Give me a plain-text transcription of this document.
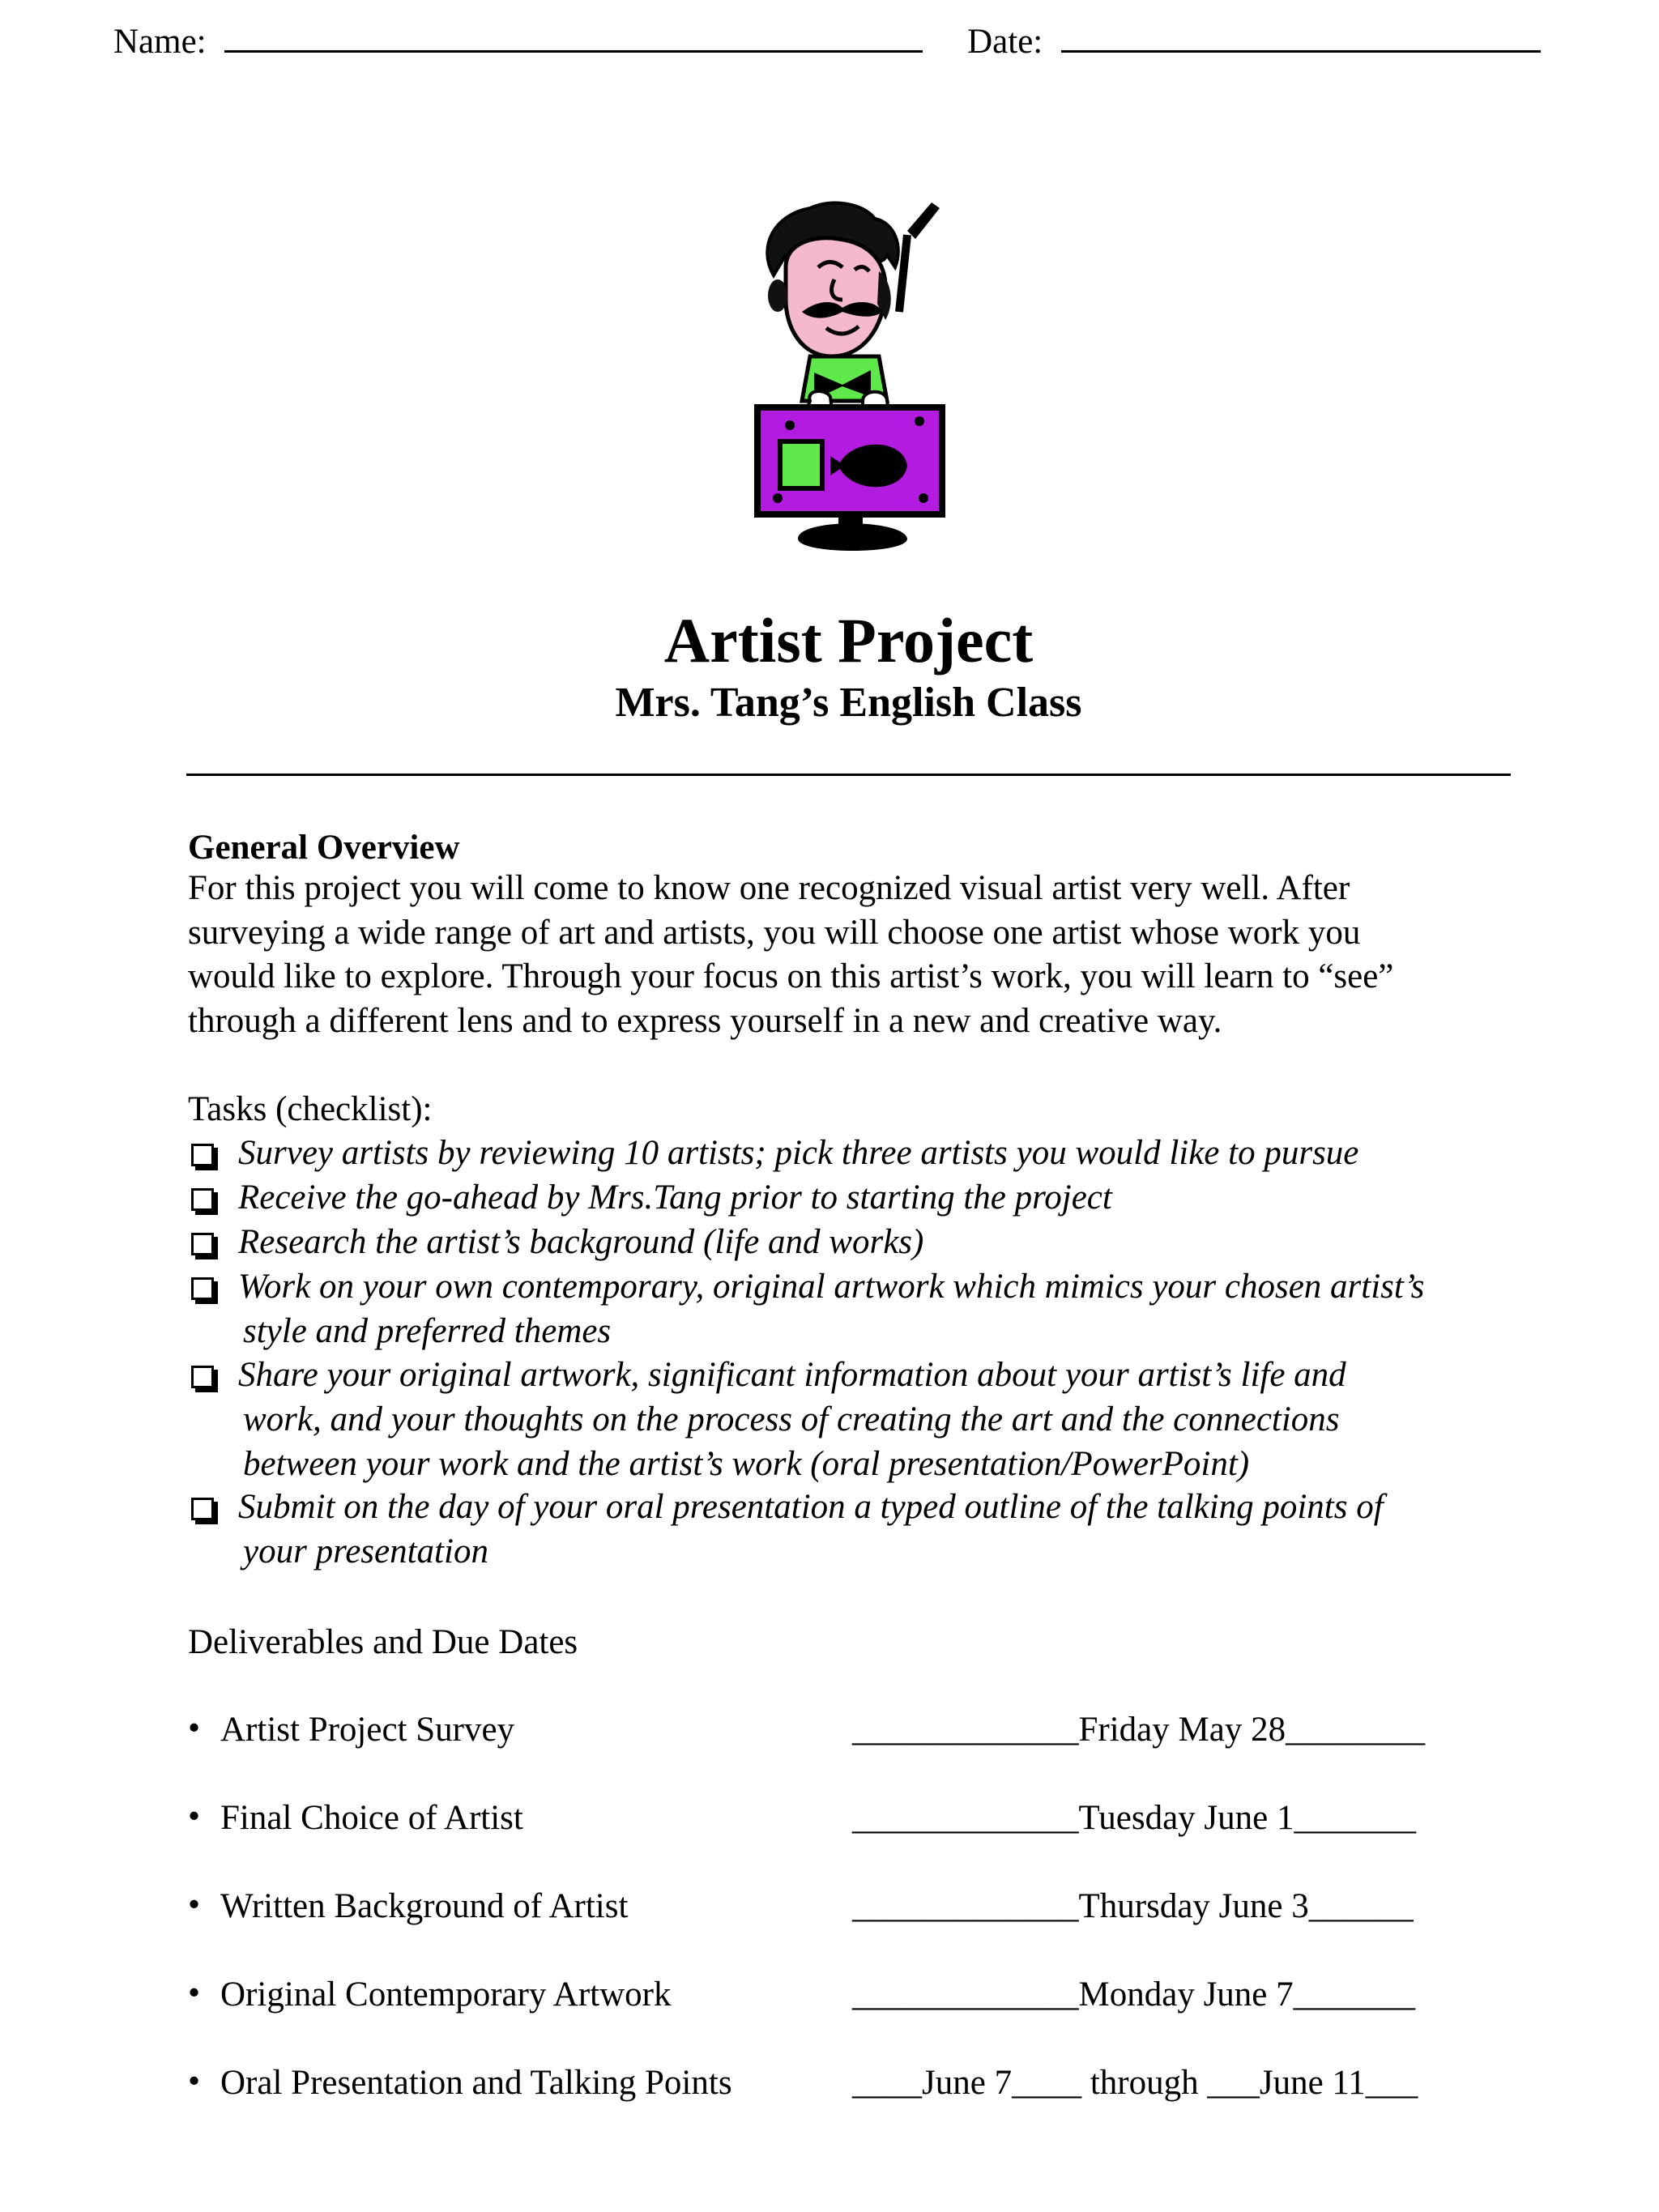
Name:	Date:
Artist Project
Mrs. Tang’s English Class
General Overview
For this project you will come to know one recognized visual artist very well. After
surveying a wide range of art and artists, you will choose one artist whose work you
would like to explore. Through your focus on this artist’s work, you will learn to “see”
through a different lens and to express yourself in a new and creative way.
Tasks (checklist):
Survey artists by reviewing 10 artists; pick three artists you would like to pursue
Receive the go-ahead by Mrs.Tang prior to starting the project
Research the artist’s background (life and works)
Work on your own contemporary, original artwork which mimics your chosen artist’s
style and preferred themes
Share your original artwork, significant information about your artist’s life and
work, and your thoughts on the process of creating the art and the connections
between your work and the artist’s work (oral presentation/PowerPoint)
Submit on the day of your oral presentation a typed outline of the talking points of
your presentation
Deliverables and Due Dates
• Artist Project Survey	_____________Friday May 28________
• Final Choice of Artist	_____________Tuesday June 1_______
• Written Background of Artist	_____________Thursday June 3______
• Original Contemporary Artwork	_____________Monday June 7_______
• Oral Presentation and Talking Points	____June 7____ through ___June 11___
